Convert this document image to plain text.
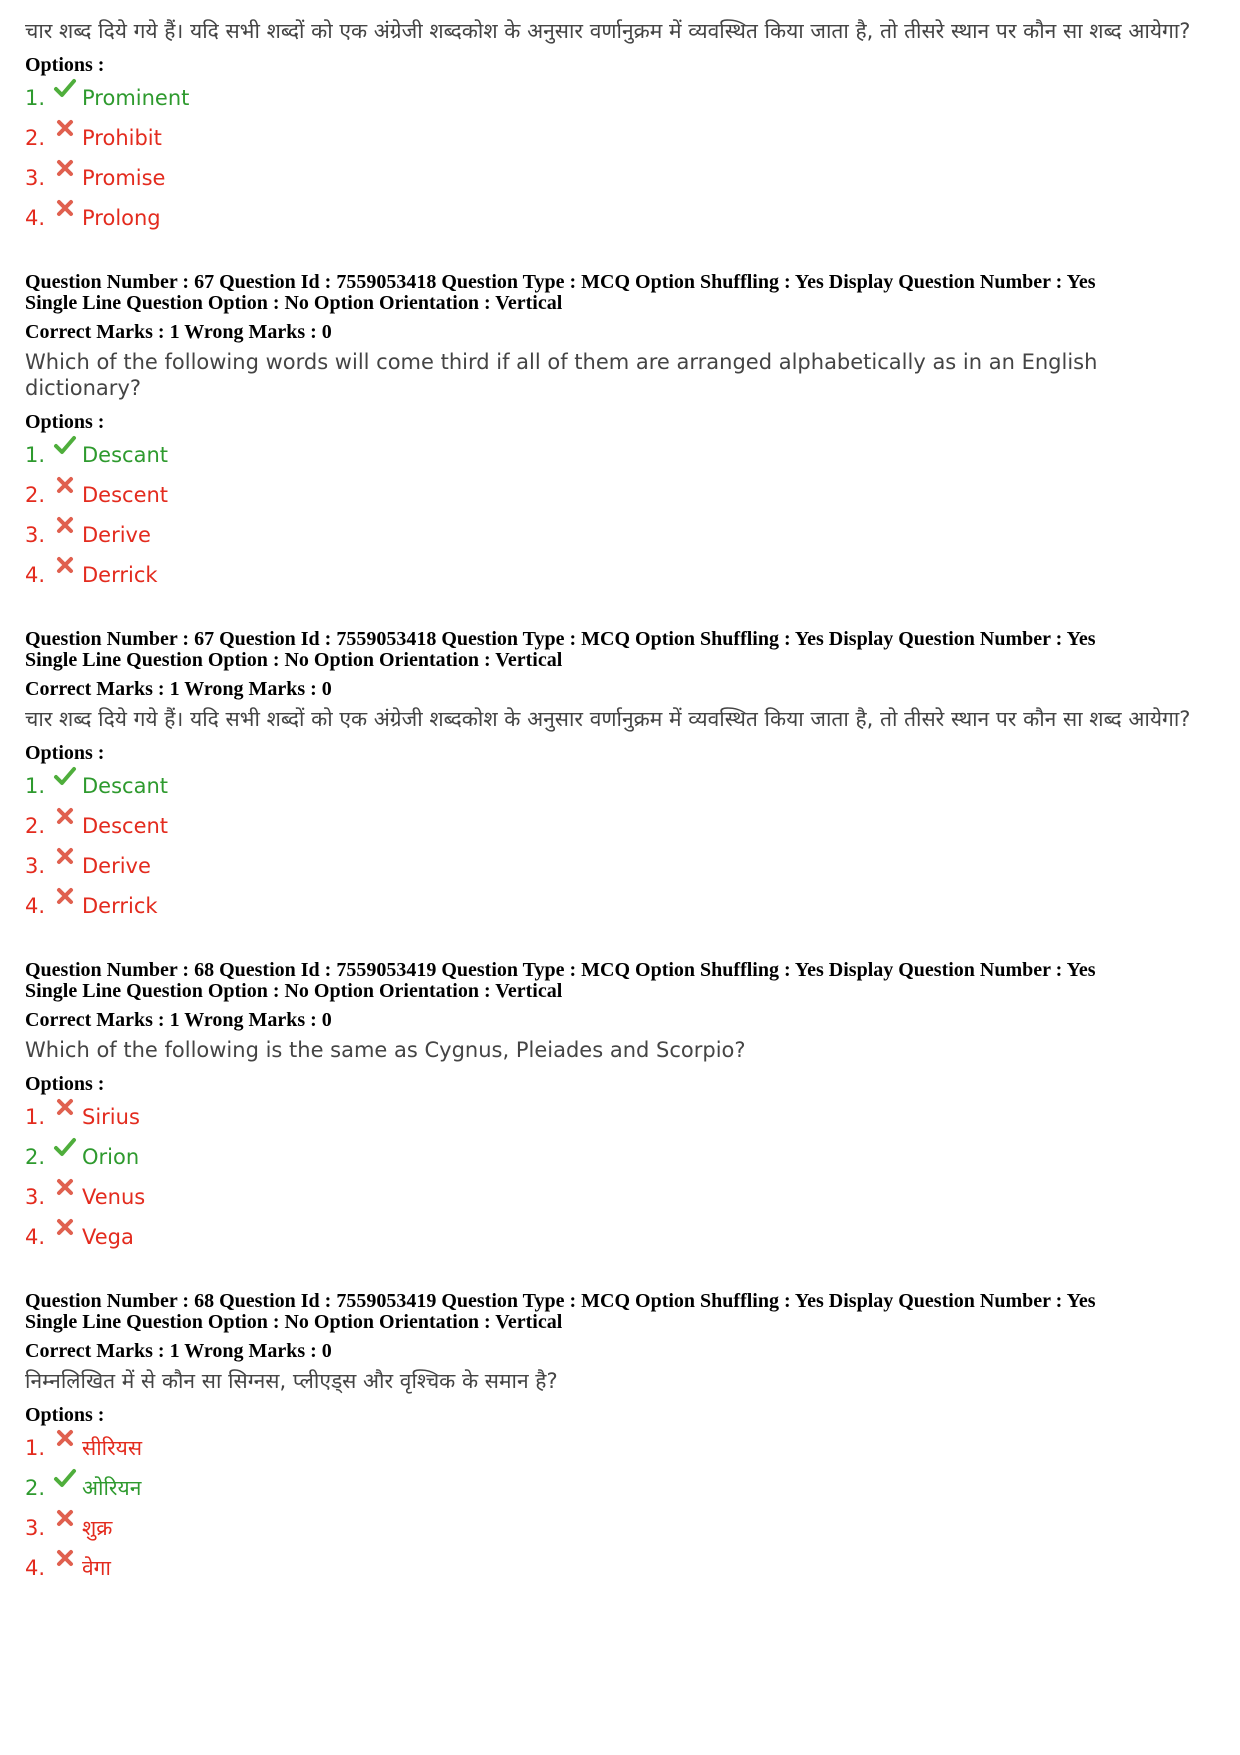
चार शब्द दिये गये हैं। यदि सभी शब्दों को एक अंग्रेजी शब्दकोश के अनुसार वर्णानुक्रम में व्यवस्थित किया जाता है, तो तीसरे स्थान पर कौन सा शब्द आयेगा?

Options :

1. Prominent
2. Prohibit
3. Promise
4. Prolong

Question Number : 67 Question Id : 7559053418 Question Type : MCQ Option Shuffling : Yes Display Question Number : Yes

Single Line Question Option : No Option Orientation : Vertical

Correct Marks : 1 Wrong Marks : 0

Which of the following words will come third if all of them are arranged alphabetically as in an English dictionary?

Options :

1. Descant
2. Descent
3. Derive
4. Derrick

Question Number : 67 Question Id : 7559053418 Question Type : MCQ Option Shuffling : Yes Display Question Number : Yes

Single Line Question Option : No Option Orientation : Vertical

Correct Marks : 1 Wrong Marks : 0

चार शब्द दिये गये हैं। यदि सभी शब्दों को एक अंग्रेजी शब्दकोश के अनुसार वर्णानुक्रम में व्यवस्थित किया जाता है, तो तीसरे स्थान पर कौन सा शब्द आयेगा?

Options :

1. Descant
2. Descent
3. Derive
4. Derrick

Question Number : 68 Question Id : 7559053419 Question Type : MCQ Option Shuffling : Yes Display Question Number : Yes

Single Line Question Option : No Option Orientation : Vertical

Correct Marks : 1 Wrong Marks : 0

Which of the following is the same as Cygnus, Pleiades and Scorpio?

Options :

1. Sirius
2. Orion
3. Venus
4. Vega

Question Number : 68 Question Id : 7559053419 Question Type : MCQ Option Shuffling : Yes Display Question Number : Yes

Single Line Question Option : No Option Orientation : Vertical

Correct Marks : 1 Wrong Marks : 0

निम्नलिखित में से कौन सा सिग्नस, प्लीएड्स और वृश्चिक के समान है?

Options :

1. सीरियस
2. ओरियन
3. शुक्र
4. वेगा
